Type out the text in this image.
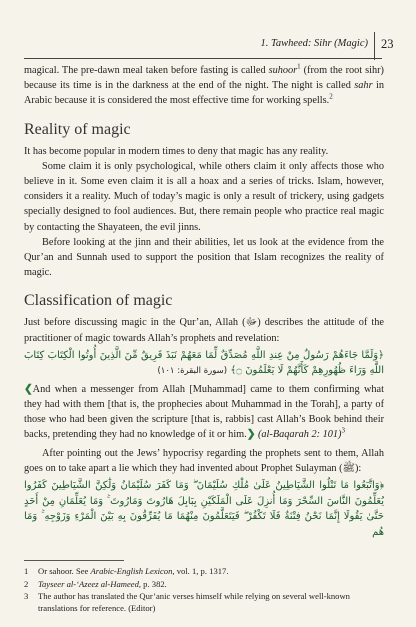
1. Tawheed: Sihr (Magic) 23

magical. The pre-dawn meal taken before fasting is called suhoor$^1$ (from the root sihr) because its time is in the darkness at the end of the night. The night is called sahr in Arabic because it is considered the most effective time for working spells.$^2$

Reality of magic

It has become popular in modern times to deny that magic has any reality.

Some claim it is only psychological, while others claim it only affects those who believe in it. Some even claim it is all a hoax and a series of tricks. Islam, however, considers it a reality. Much of today’s magic is only a result of trickery, using gadgets specially designed to fool audiences. But, there remain people who practice real magic by contacting the Shayateen, the evil jinns.

Before looking at the jinn and their abilities, let us look at the evidence from the Qur’an and Sunnah used to support the position that Islam recognizes the reality of magic.

Classification of magic

Just before discussing magic in the Qur’an, Allah (ﷻ) describes the attitude of the practitioner of magic towards Allah’s prophets and revelation:

﴿وَلَمَّا جَاءَهُمْ رَسُولٌ مِنْ عِندِ اللَّهِ مُصَدِّقٌ لِّمَا مَعَهُمْ نَبَذَ فَرِيقٌ مِّنَ الَّذِينَ أُوتُوا الْكِتَابَ كِتَابَ اللَّهِ وَرَاءَ ظُهُورِهِمْ كَأَنَّهُمْ لَا يَعْلَمُونَ ۝﴾ (سورة البقرة: ١٠١)

❮And when a messenger from Allah [Muhammad] came to them confirming what they had with them [that is, the prophecies about Muhammad in the Torah], a party of those who had been given the scripture [that is, rabbis] cast Allah’s Book behind their backs, pretending they had no knowledge of it or him.❯ (al-Baqarah 2: 101)$^3$

After pointing out the Jews’ hypocrisy regarding the prophets sent to them, Allah goes on to take apart a lie which they had invented about Prophet Sulayman (ﷺ):

﴿وَاتَّبَعُوا مَا تَتْلُوا الشَّيَاطِينُ عَلَىٰ مُلْكِ سُلَيْمَانَ ۖ وَمَا كَفَرَ سُلَيْمَانُ وَلَٰكِنَّ الشَّيَاطِينَ كَفَرُوا يُعَلِّمُونَ النَّاسَ السِّحْرَ وَمَا أُنزِلَ عَلَى الْمَلَكَيْنِ بِبَابِلَ هَارُوتَ وَمَارُوتَ ۚ وَمَا يُعَلِّمَانِ مِنْ أَحَدٍ حَتَّىٰ يَقُولَا إِنَّمَا نَحْنُ فِتْنَةٌ فَلَا تَكْفُرْ ۖ فَيَتَعَلَّمُونَ مِنْهُمَا مَا يُفَرِّقُونَ بِهِ بَيْنَ الْمَرْءِ وَزَوْجِهِ ۚ وَمَا هُم
1	Or sahoor. See Arabic-English Lexicon, vol. 1, p. 1317.
2	Tayseer al-‘Azeez al-Hameed, p. 382.
3	The author has translated the Qur’anic verses himself while relying on several well-known translations for reference. (Editor)
